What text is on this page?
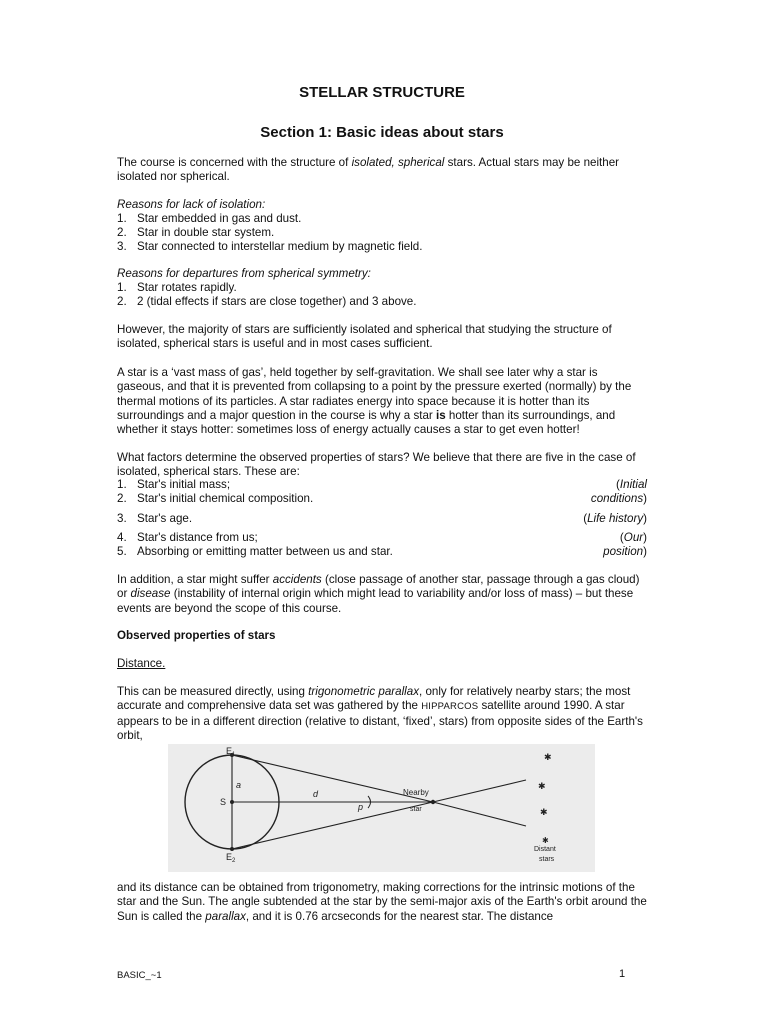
STELLAR STRUCTURE
Section 1: Basic ideas about stars

The course is concerned with the structure of isolated, spherical stars. Actual stars may be neither isolated nor spherical.

Reasons for lack of isolation:
1. Star embedded in gas and dust.
2. Star in double star system.
3. Star connected to interstellar medium by magnetic field.
Reasons for departures from spherical symmetry:
1. Star rotates rapidly.
2. 2 (tidal effects if stars are close together) and 3 above.

However, the majority of stars are sufficiently isolated and spherical that studying the structure of isolated, spherical stars is useful and in most cases sufficient.

A star is a ‘vast mass of gas’, held together by self-gravitation. We shall see later why a star is gaseous, and that it is prevented from collapsing to a point by the pressure exerted (normally) by the thermal motions of its particles. A star radiates energy into space because it is hotter than its surroundings and a major question in the course is why a star is hotter than its surroundings, and whether it stays hotter: sometimes loss of energy actually causes a star to get even hotter!

What factors determine the observed properties of stars? We believe that there are five in the case of isolated, spherical stars. These are:

1. Star's initial mass;
2. Star's initial chemical composition.
(Initial
conditions)
3. Star's age.	(Life history)
4. Star's distance from us;
5. Absorbing or emitting matter between us and star.
(Our)
position)

In addition, a star might suffer accidents (close passage of another star, passage through a gas cloud) or disease (instability of internal origin which might lead to variability and/or loss of mass) – but these events are beyond the scope of this course.

Observed properties of stars
Distance.

This can be measured directly, using trigonometric parallax, only for relatively nearby stars; the most accurate and comprehensive data set was gathered by the HIPPARCOS satellite around 1990. A star appears to be in a different direction (relative to distant, ‘fixed’, stars) from opposite sides of the Earth's orbit,

and its distance can be obtained from trigonometry, making corrections for the intrinsic motions of the star and the Sun. The angle subtended at the star by the semi-major axis of the Earth's orbit around the Sun is called the parallax, and it is 0.76 arcseconds for the nearest star. The distance

✱
✱
✱
✱
$E_1$
$E_2$
S
a
d
p
Nearby
star
Distant
stars
BASIC_~1	1
